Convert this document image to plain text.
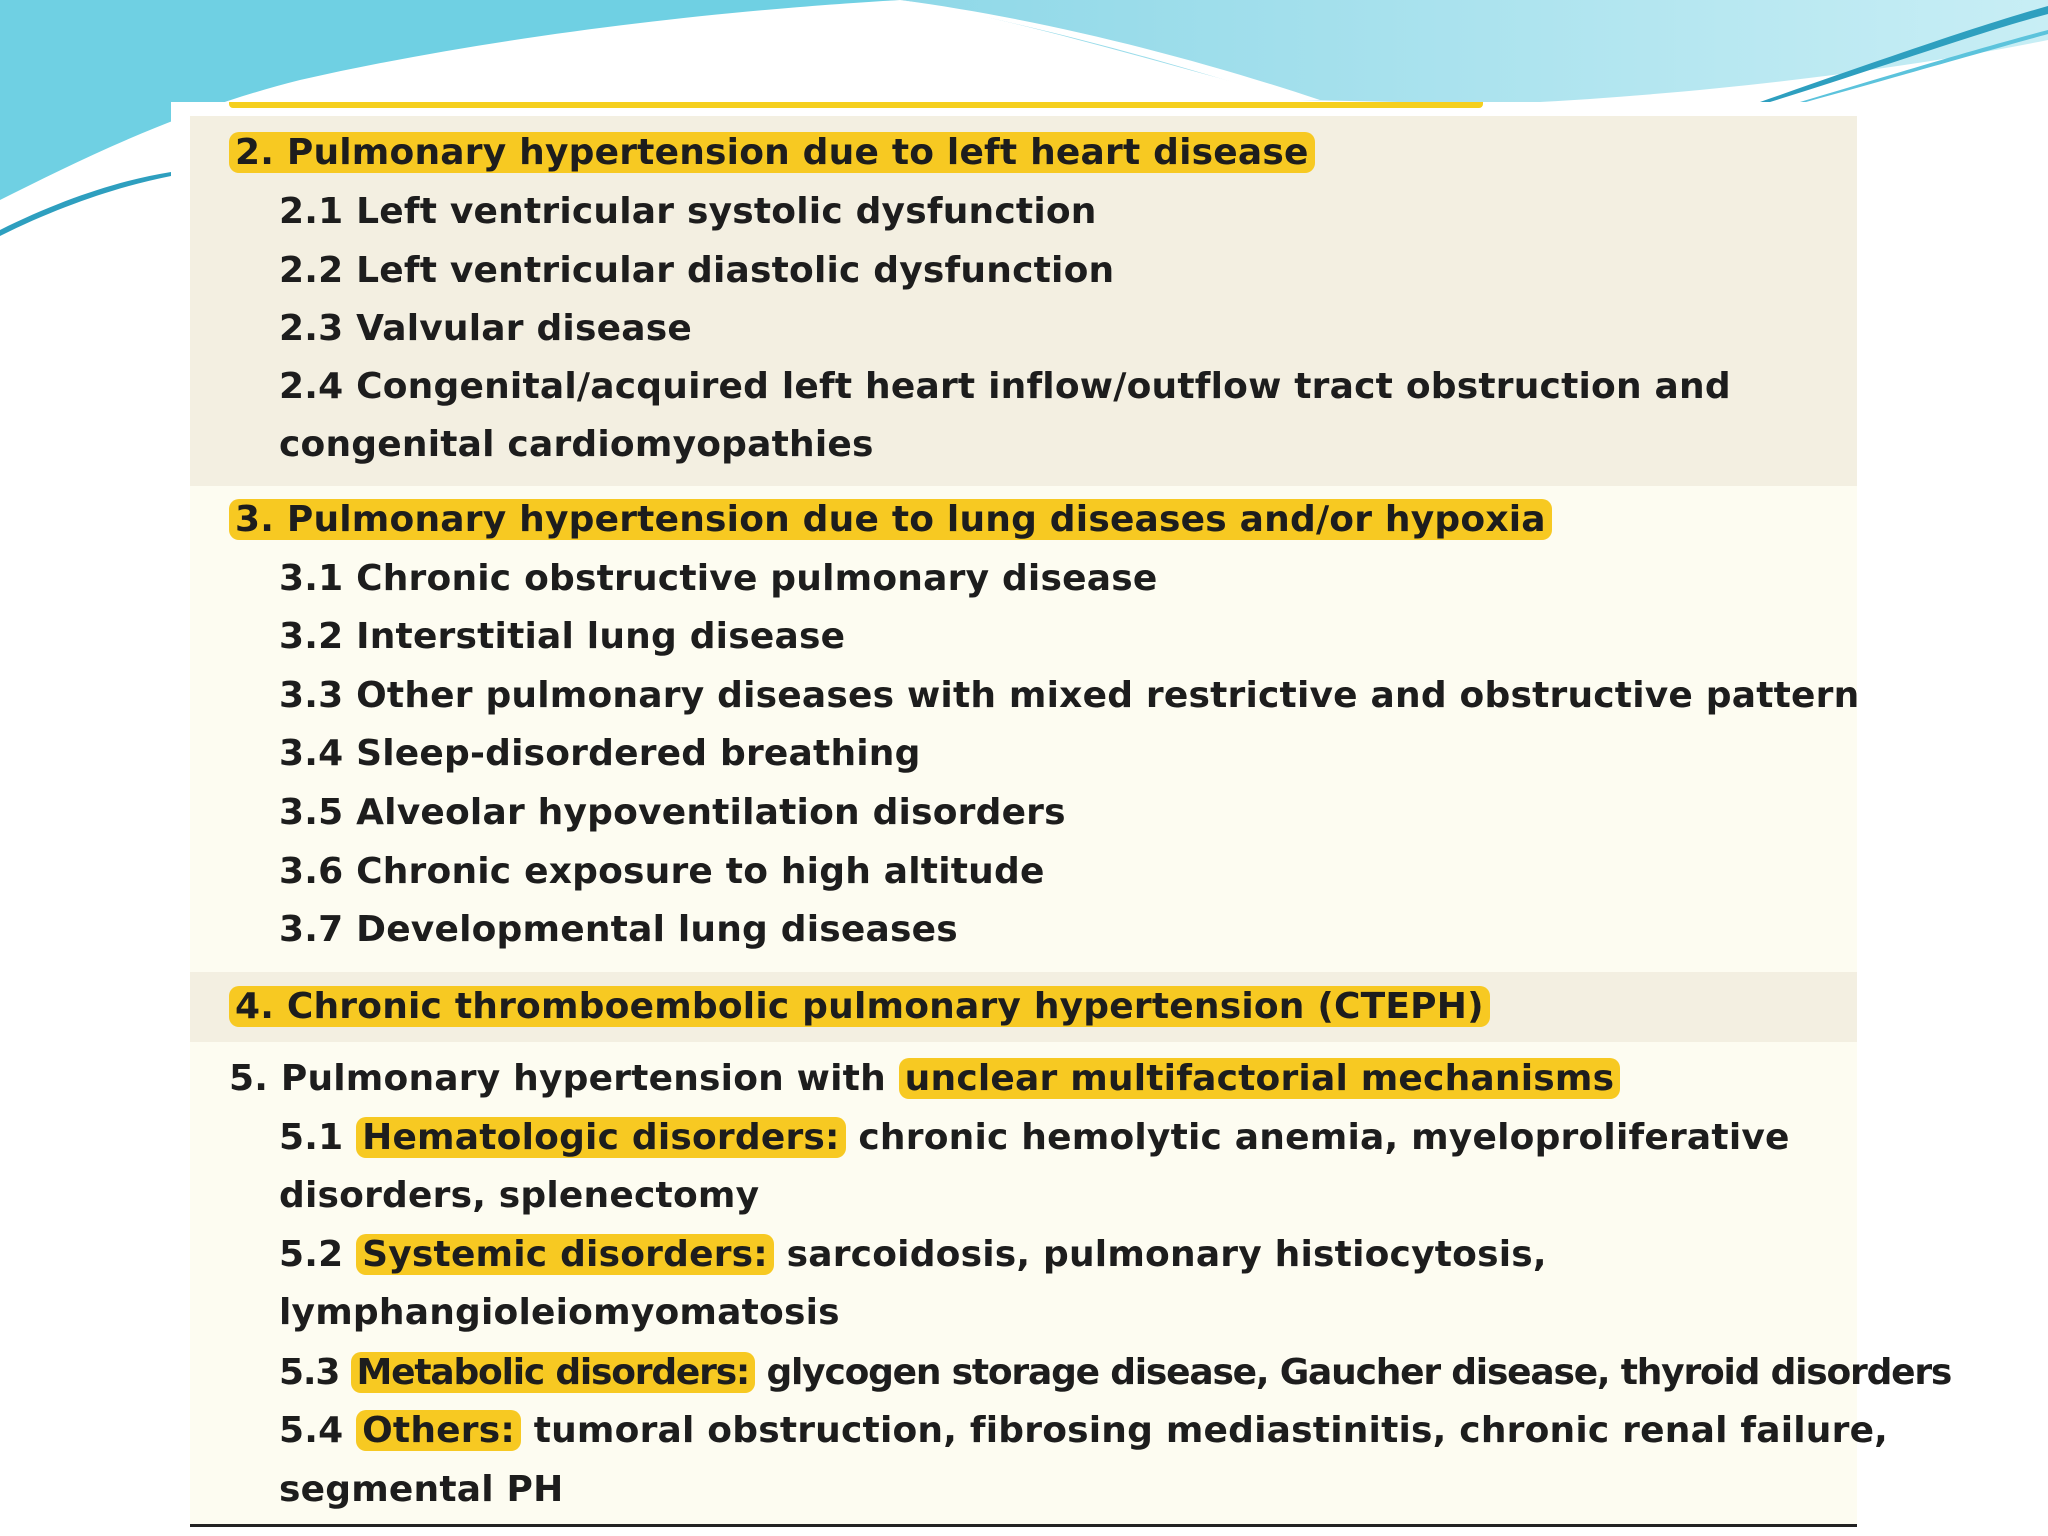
2. Pulmonary hypertension due to left heart disease
2.1 Left ventricular systolic dysfunction
2.2 Left ventricular diastolic dysfunction
2.3 Valvular disease
2.4 Congenital/acquired left heart inflow/outflow tract obstruction and
congenital cardiomyopathies
3. Pulmonary hypertension due to lung diseases and/or hypoxia
3.1 Chronic obstructive pulmonary disease
3.2 Interstitial lung disease
3.3 Other pulmonary diseases with mixed restrictive and obstructive pattern
3.4 Sleep-disordered breathing
3.5 Alveolar hypoventilation disorders
3.6 Chronic exposure to high altitude
3.7 Developmental lung diseases
4. Chronic thromboembolic pulmonary hypertension (CTEPH)
5. Pulmonary hypertension with unclear multifactorial mechanisms
5.1 Hematologic disorders: chronic hemolytic anemia, myeloproliferative
disorders, splenectomy
5.2 Systemic disorders: sarcoidosis, pulmonary histiocytosis,
lymphangioleiomyomatosis
5.3 Metabolic disorders: glycogen storage disease, Gaucher disease, thyroid disorders
5.4 Others: tumoral obstruction, fibrosing mediastinitis, chronic renal failure,
segmental PH
